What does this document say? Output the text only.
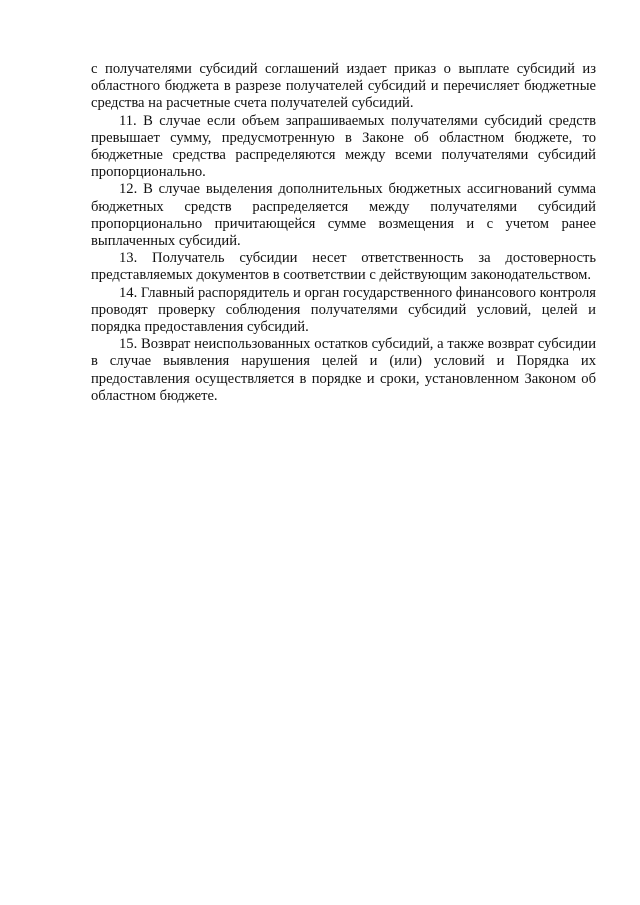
с получателями субсидий соглашений издает приказ о выплате субсидий из областного бюджета в разрезе получателей субсидий и перечисляет бюджетные средства на расчетные счета получателей субсидий.

11. В случае если объем запрашиваемых получателями субсидий средств превышает сумму, предусмотренную в Законе об областном бюджете, то бюджетные средства распределяются между всеми получателями субсидий пропорционально.

12. В случае выделения дополнительных бюджетных ассигнований сумма бюджетных средств распределяется между получателями субсидий пропорционально причитающейся сумме возмещения и с учетом ранее выплаченных субсидий.

13. Получатель субсидии несет ответственность за достоверность представляемых документов в соответствии с действующим законодательством.

14. Главный распорядитель и орган государственного финансового контроля проводят проверку соблюдения получателями субсидий условий, целей и порядка предоставления субсидий.

15. Возврат неиспользованных остатков субсидий, а также возврат субсидии в случае выявления нарушения целей и (или) условий и Порядка их предоставления осуществляется в порядке и сроки, установленном Законом об областном бюджете.
